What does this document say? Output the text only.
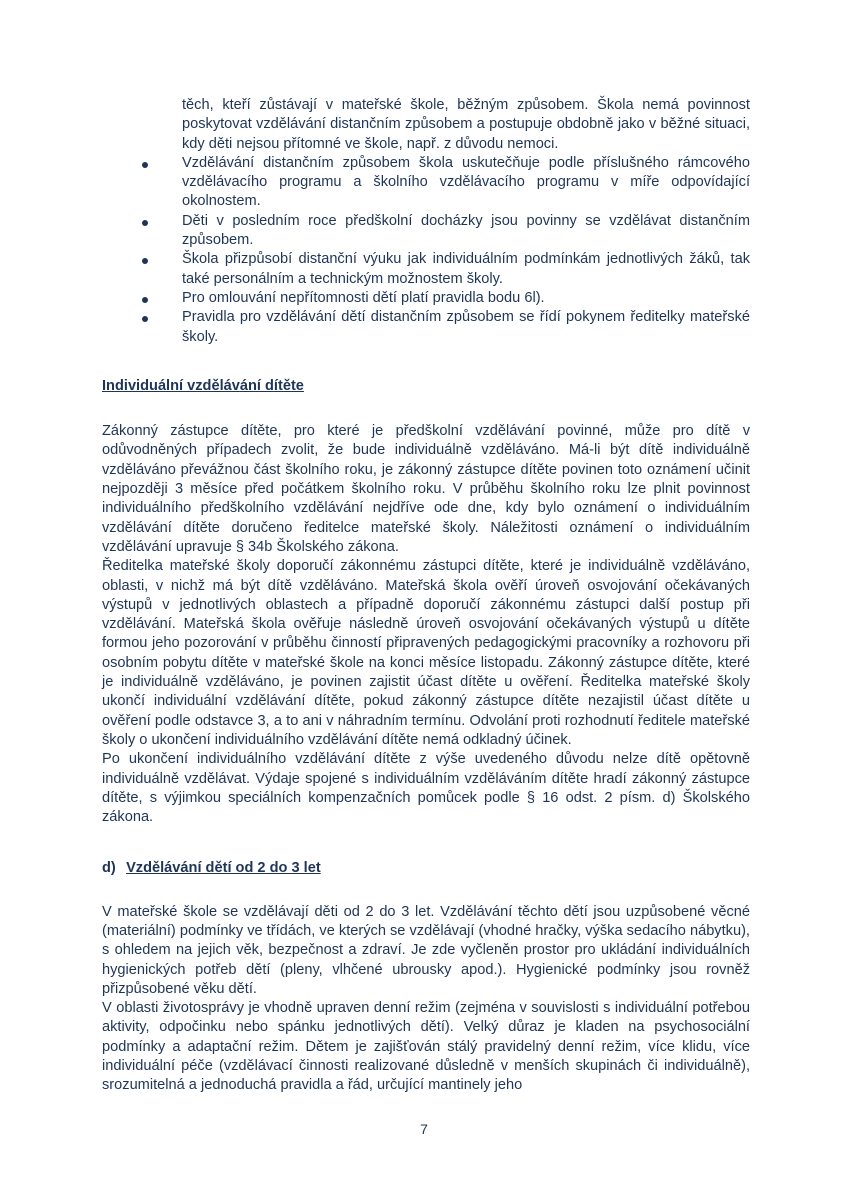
těch, kteří zůstávají v mateřské škole, běžným způsobem. Škola nemá povinnost poskytovat vzdělávání distančním způsobem a postupuje obdobně jako v běžné situaci, kdy děti nejsou přítomné ve škole, např. z důvodu nemoci.

Vzdělávání distančním způsobem škola uskutečňuje podle příslušného rámcového vzdělávacího programu a školního vzdělávacího programu v míře odpovídající okolnostem.
Děti v posledním roce předškolní docházky jsou povinny se vzdělávat distančním způsobem.
Škola přizpůsobí distanční výuku jak individuálním podmínkám jednotlivých žáků, tak také personálním a technickým možnostem školy.
Pro omlouvání nepřítomnosti dětí platí pravidla bodu 6l).
Pravidla pro vzdělávání dětí distančním způsobem se řídí pokynem ředitelky mateřské školy.

Individuální vzdělávání dítěte

Zákonný zástupce dítěte, pro které je předškolní vzdělávání povinné, může pro dítě v odůvodněných případech zvolit, že bude individuálně vzděláváno. Má-li být dítě individuálně vzděláváno převážnou část školního roku, je zákonný zástupce dítěte povinen toto oznámení učinit nejpozději 3 měsíce před počátkem školního roku. V průběhu školního roku lze plnit povinnost individuálního předškolního vzdělávání nejdříve ode dne, kdy bylo oznámení o individuálním vzdělávání dítěte doručeno ředitelce mateřské školy. Náležitosti oznámení o individuálním vzdělávání upravuje § 34b Školského zákona.

Ředitelka mateřské školy doporučí zákonnému zástupci dítěte, které je individuálně vzděláváno, oblasti, v nichž má být dítě vzděláváno. Mateřská škola ověří úroveň osvojování očekávaných výstupů v jednotlivých oblastech a případně doporučí zákonnému zástupci další postup při vzdělávání. Mateřská škola ověřuje následně úroveň osvojování očekávaných výstupů u dítěte formou jeho pozorování v průběhu činností připravených pedagogickými pracovníky a rozhovoru při osobním pobytu dítěte v mateřské škole na konci měsíce listopadu. Zákonný zástupce dítěte, které je individuálně vzděláváno, je povinen zajistit účast dítěte u ověření. Ředitelka mateřské školy ukončí individuální vzdělávání dítěte, pokud zákonný zástupce dítěte nezajistil účast dítěte u ověření podle odstavce 3, a to ani v náhradním termínu. Odvolání proti rozhodnutí ředitele mateřské školy o ukončení individuálního vzdělávání dítěte nemá odkladný účinek.

Po ukončení individuálního vzdělávání dítěte z výše uvedeného důvodu nelze dítě opětovně individuálně vzdělávat. Výdaje spojené s individuálním vzděláváním dítěte hradí zákonný zástupce dítěte, s výjimkou speciálních kompenzačních pomůcek podle § 16 odst. 2 písm. d) Školského zákona.

d) Vzdělávání dětí od 2 do 3 let

V mateřské škole se vzdělávají děti od 2 do 3 let. Vzdělávání těchto dětí jsou uzpůsobené věcné (materiální) podmínky ve třídách, ve kterých se vzdělávají (vhodné hračky, výška sedacího nábytku), s ohledem na jejich věk, bezpečnost a zdraví. Je zde vyčleněn prostor pro ukládání individuálních hygienických potřeb dětí (pleny, vlhčené ubrousky apod.). Hygienické podmínky jsou rovněž přizpůsobené věku dětí.

V oblasti životosprávy je vhodně upraven denní režim (zejména v souvislosti s individuální potřebou aktivity, odpočinku nebo spánku jednotlivých dětí). Velký důraz je kladen na psychosociální podmínky a adaptační režim. Dětem je zajišťován stálý pravidelný denní režim, více klidu, více individuální péče (vzdělávací činnosti realizované důsledně v menších skupinách či individuálně), srozumitelná a jednoduchá pravidla a řád, určující mantinely jeho

7
